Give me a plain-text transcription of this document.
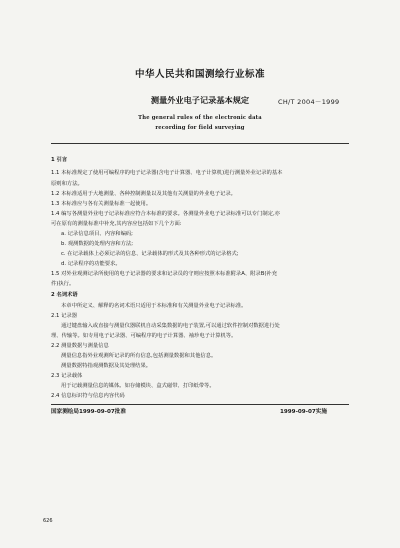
中华人民共和国测绘行业标准
测量外业电子记录基本规定	CH/T 2004－1999
The general rules of the electronic data
recording for field surveying
1 引言
1.1 本标准规定了使用可编程序的电子记录器(含电子计算器、电子计算机)进行测量外业记录的基本
原则和方法。
1.2 本标准适用于大地测量、各种控制测量以及其他有关测量的外业电子记录。
1.3 本标准应与各有关测量标准一起使用。
1.4 编写各测量外业电子记录标准应符合本标准的要求。各测量外业电子记录标准可以专门制定,亦
可在原有的测量标准中补充,其内容应包括如下几个方面:
a. 记录信息项目、内容和编码;
b. 观测数据的处理内容和方法;
c. 在记录载体上必须记录的信息、记录载体的形式及其各种形式的记录格式;
d. 记录程序的功能要求。
1.5 对外业观测记录所使用的电子记录器的要求和记录员的守则应按照本标准附录A、附录B(补充
件)执行。
2 名词术语
本章中所定义、解释的名词术语只适用于本标准和有关测量外业电子记录标准。
2.1 记录器
通过键盘输入或直接与测量仪器联机自动采集数据的电子装置,可以通过软件控制对数据进行处
理、传输等。如专用电子记录器、可编程序的电子计算器、袖珍电子计算机等。
2.2 测量数据与测量信息
测量信息指外业观测所记录的所有信息,包括测量数据和其他信息。
测量数据特指观测数据及其处理结果。
2.3 记录载体
用于记载测量信息的媒体。如存储模块、盒式磁带、打印纸带等。
2.4 信息标识符与信息内容代码
国家测绘局1999-09-07批准	1999-09-07实施
626
